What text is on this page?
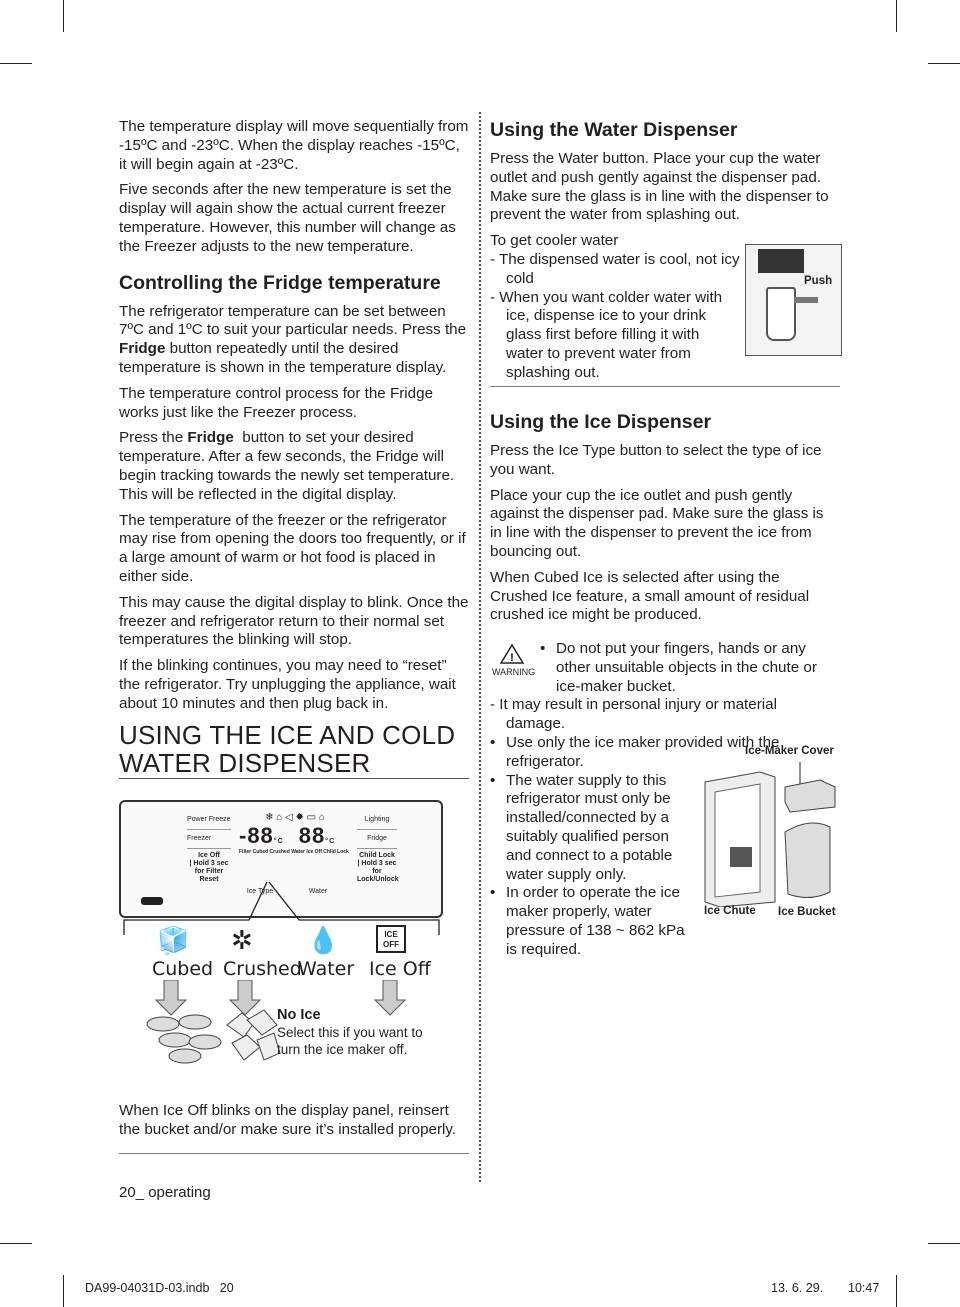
The temperature display will move sequentially from -15ºC and -23ºC. When the display reaches -15ºC, it will begin again at -23ºC.

Five seconds after the new temperature is set the display will again show the actual current freezer temperature. However, this number will change as the Freezer adjusts to the new temperature.

Controlling the Fridge temperature

The refrigerator temperature can be set between 7ºC and 1ºC to suit your particular needs. Press the Fridge button repeatedly until the desired temperature is shown in the temperature display.

The temperature control process for the Fridge works just like the Freezer process.

Press the Fridge button to set your desired temperature. After a few seconds, the Fridge will begin tracking towards the newly set temperature. This will be reflected in the digital display.

The temperature of the freezer or the refrigerator may rise from opening the doors too frequently, or if a large amount of warm or hot food is placed in either side.

This may cause the digital display to blink. Once the freezer and refrigerator return to their normal set temperatures the blinking will stop.

If the blinking continues, you may need to “reset” the refrigerator. Try unplugging the appliance, wait about 10 minutes and then plug back in.

USING THE ICE AND COLD
WATER DISPENSER
Power Freeze
Freezer
Ice Off
| Hold 3 sec
for Filter Reset
❄ ⌂ ◁ ✹ ▭ ⌂
-88°C 88°C
Filter Cubed Crushed Water Ice Off Child Lock
Lighting
Fridge
Child Lock
| Hold 3 sec
for Lock/Unlock
Ice Type	Water
🧊 ✲ 💧	ICE
OFF
Cubed Crushed
Water Ice Off
No Ice
Select this if you want to turn the ice maker off.

When Ice Off blinks on the display panel, reinsert the bucket and/or make sure it’s installed properly.

Using the Water Dispenser

Press the Water button. Place your cup the water outlet and push gently against the dispenser pad. Make sure the glass is in line with the dispenser to prevent the water from splashing out.

To get cooler water

- The dispensed water is cool, not icy cold

- When you want colder water with ice, dispense ice to your drink glass first before filling it with water to prevent water from splashing out.

Push
Using the Ice Dispenser

Press the Ice Type button to select the type of ice you want.

Place your cup the ice outlet and push gently against the dispenser pad. Make sure the glass is in line with the dispenser to prevent the ice from bouncing out.

When Cubed Ice is selected after using the Crushed Ice feature, a small amount of residual crushed ice might be produced.

!
WARNING

• Do not put your fingers, hands or any other unsuitable objects in the chute or ice-maker bucket.

- It may result in personal injury or material damage.

• Use only the ice maker provided with the refrigerator.

• The water supply to this refrigerator must only be installed/connected by a suitably qualified person and connect to a potable water supply only.

• In order to operate the ice maker properly, water pressure of 138 ~ 862 kPa is required.

Ice-Maker Cover
Ice Chute Ice Bucket
20_ operating
DA99-04031D-03.indb   20	13. 6. 29. 10:47
